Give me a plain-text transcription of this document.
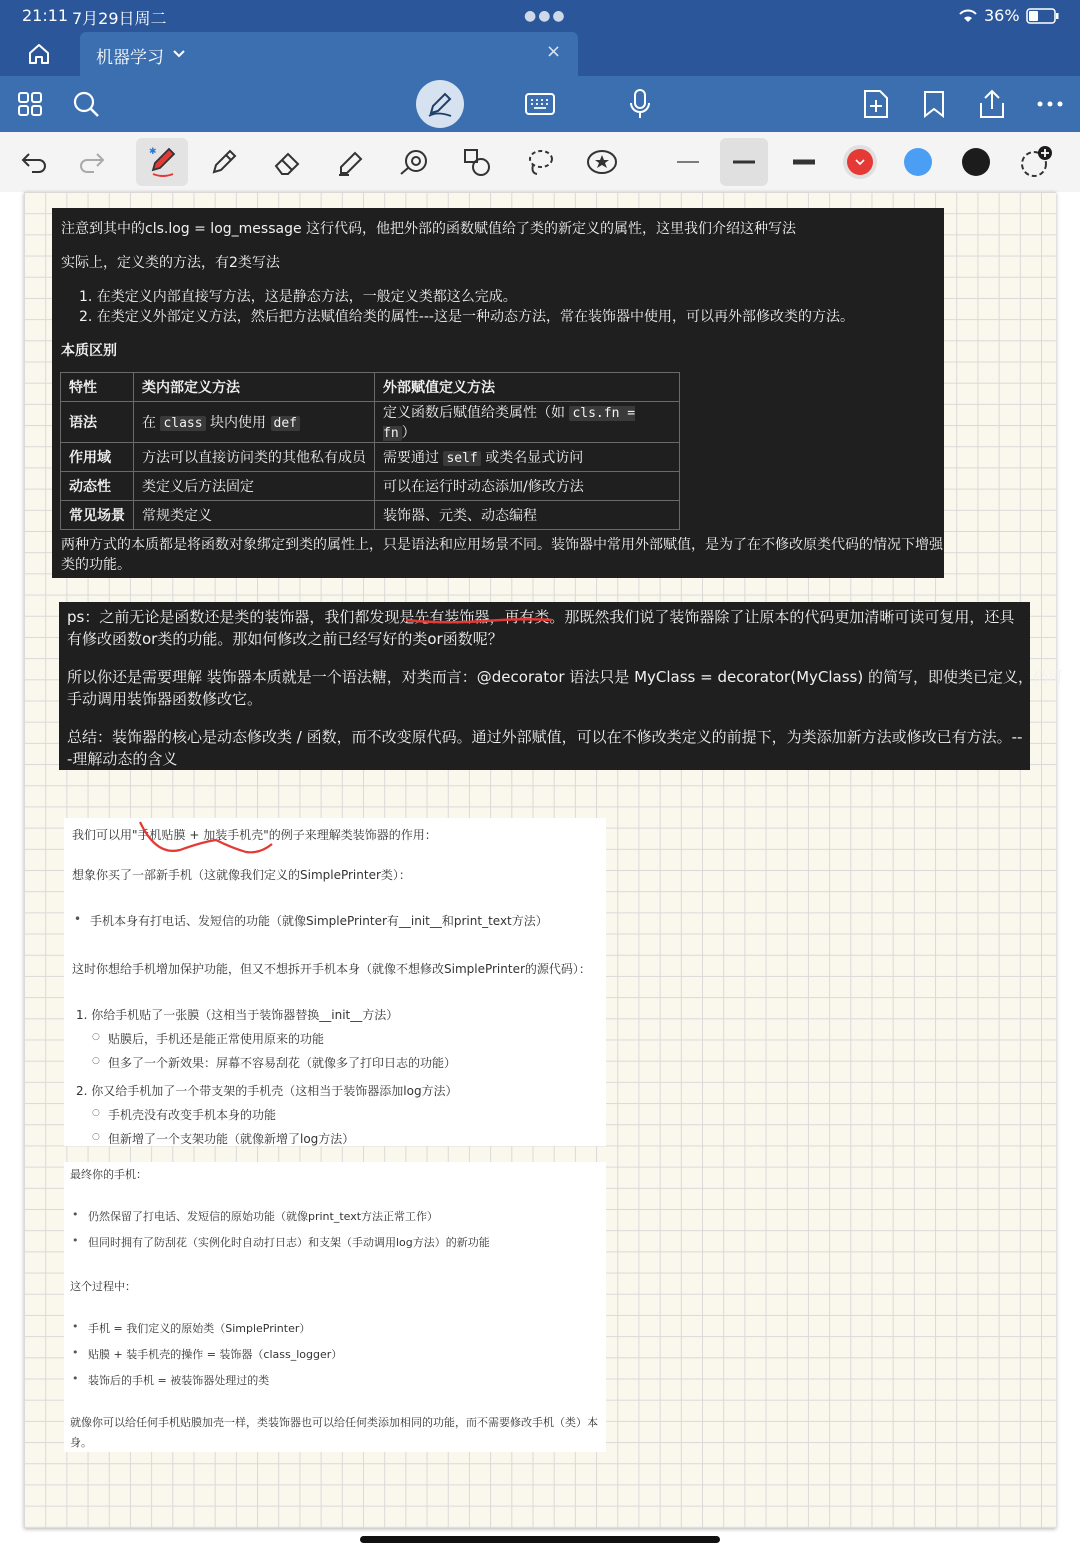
21:11 7月29日周二	●●●	36%
机器学习	×
✱
注意到其中的cls.log = log_message 这行代码，他把外部的函数赋值给了类的新定义的属性，这里我们介绍这种写法
实际上，定义类的方法，有2类写法
1. 在类定义内部直接写方法，这是静态方法，一般定义类都这么完成。
2. 在类定义外部定义方法，然后把方法赋值给类的属性---这是一种动态方法，常在装饰器中使用，可以再外部修改类的方法。
本质区别
特性	类内部定义方法	外部赋值定义方法
语法	在 class 块内使用 def	定义函数后赋值给类属性（如 cls.fn = fn ）
作用域	方法可以直接访问类的其他私有成员	需要通过 self 或类名显式访问
动态性	类定义后方法固定	可以在运行时动态添加/修改方法
常见场景	常规类定义	装饰器、元类、动态编程
两种方式的本质都是将函数对象绑定到类的属性上，只是语法和应用场景不同。装饰器中常用外部赋值，是为了在不修改原类代码的情况下增强
类的功能。
ps：之前无论是函数还是类的装饰器，我们都发现是先有装饰器，再有类。那既然我们说了装饰器除了让原本的代码更加清晰可读可复用，还具
有修改函数or类的功能。那如何修改之前已经写好的类or函数呢？
所以你还是需要理解 装饰器本质就是一个语法糖，对类而言：@decorator 语法只是 MyClass = decorator(MyClass) 的简写，即使类已定义，仍可
手动调用装饰器函数修改它。
总结：装饰器的核心是动态修改类 / 函数，而不改变原代码。通过外部赋值，可以在不修改类定义的前提下，为类添加新方法或修改已有方法。--
-理解动态的含义
我们可以用"手机贴膜 + 加装手机壳"的例子来理解类装饰器的作用：
想象你买了一部新手机（这就像我们定义的SimplePrinter类）：
• 手机本身有打电话、发短信的功能（就像SimplePrinter有__init__和print_text方法）
这时你想给手机增加保护功能，但又不想拆开手机本身（就像不想修改SimplePrinter的源代码）：
1. 你给手机贴了一张膜（这相当于装饰器替换__init__方法）
○ 贴膜后，手机还是能正常使用原来的功能
○ 但多了一个新效果：屏幕不容易刮花（就像多了打印日志的功能）
2. 你又给手机加了一个带支架的手机壳（这相当于装饰器添加log方法）
○ 手机壳没有改变手机本身的功能
○ 但新增了一个支架功能（就像新增了log方法）
最终你的手机：
• 仍然保留了打电话、发短信的原始功能（就像print_text方法正常工作）
• 但同时拥有了防刮花（实例化时自动打日志）和支架（手动调用log方法）的新功能
这个过程中：
• 手机 = 我们定义的原始类（SimplePrinter）
• 贴膜 + 装手机壳的操作 = 装饰器（class_logger）
• 装饰后的手机 = 被装饰器处理过的类
就像你可以给任何手机贴膜加壳一样，类装饰器也可以给任何类添加相同的功能，而不需要修改手机（类）本
身。
